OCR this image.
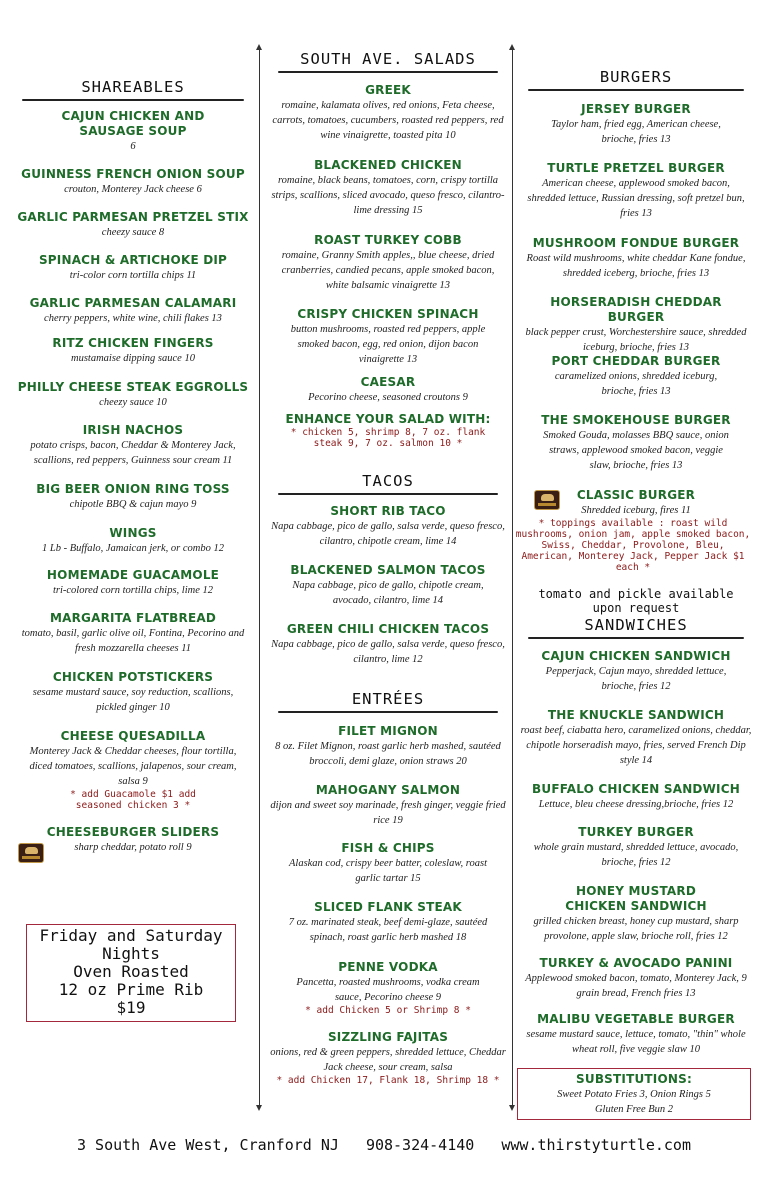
SHAREABLES
CAJUN CHICKEN AND SAUSAGE SOUP
6
GUINNESS FRENCH ONION SOUP
crouton, Monterey Jack cheese 6
GARLIC PARMESAN PRETZEL STIX
cheezy sauce 8
SPINACH & ARTICHOKE DIP
tri-color corn tortilla chips 11
GARLIC PARMESAN CALAMARI
cherry peppers, white wine, chili flakes 13
RITZ CHICKEN FINGERS
mustamaise dipping sauce 10
PHILLY CHEESE STEAK EGGROLLS
cheezy sauce 10
IRISH NACHOS
potato crisps, bacon, Cheddar & Monterey Jack, scallions, red peppers, Guinness sour cream 11
BIG BEER ONION RING TOSS
chipotle BBQ & cajun mayo 9
WINGS
1 Lb - Buffalo, Jamaican jerk, or combo 12
HOMEMADE GUACAMOLE
tri-colored corn tortilla chips, lime 12
MARGARITA FLATBREAD
tomato, basil, garlic olive oil, Fontina, Pecorino and fresh mozzarella cheeses 11
CHICKEN POTSTICKERS
sesame mustard sauce, soy reduction, scallions, pickled ginger 10
CHEESE QUESADILLA
Monterey Jack & Cheddar cheeses, flour tortilla, diced tomatoes, scallions, jalapenos, sour cream, salsa 9
* add Guacamole $1 add seasoned chicken 3 *
CHEESEBURGER SLIDERS
sharp cheddar, potato roll 9
Friday and Saturday
Nights
Oven Roasted
12 oz Prime Rib
$19
SOUTH AVE. SALADS
GREEK
romaine, kalamata olives, red onions, Feta cheese, carrots, tomatoes, cucumbers, roasted red peppers, red wine vinaigrette, toasted pita 10
BLACKENED CHICKEN
romaine, black beans, tomatoes, corn, crispy tortilla strips, scallions, sliced avocado, queso fresco, cilantro-lime dressing 15
ROAST TURKEY COBB
romaine, Granny Smith apples,, blue cheese, dried cranberries, candied pecans, apple smoked bacon, white balsamic vinaigrette 13
CRISPY CHICKEN SPINACH
button mushrooms, roasted red peppers, apple smoked bacon, egg, red onion, dijon bacon vinaigrette 13
CAESAR
Pecorino cheese, seasoned croutons 9
ENHANCE YOUR SALAD WITH:
* chicken 5, shrimp 8, 7 oz. flank steak 9, 7 oz. salmon 10 *
TACOS
SHORT RIB TACO
Napa cabbage, pico de gallo, salsa verde, queso fresco, cilantro, chipotle cream, lime 14
BLACKENED SALMON TACOS
Napa cabbage, pico de gallo, chipotle cream, avocado, cilantro, lime 14
GREEN CHILI CHICKEN TACOS
Napa cabbage, pico de gallo, salsa verde, queso fresco, cilantro, lime 12
ENTRÉES
FILET MIGNON
8 oz. Filet Mignon, roast garlic herb mashed, sautéed broccoli, demi glaze, onion straws 20
MAHOGANY SALMON
dijon and sweet soy marinade, fresh ginger, veggie fried rice 19
FISH & CHIPS
Alaskan cod, crispy beer batter, coleslaw, roast garlic tartar 15
SLICED FLANK STEAK
7 oz. marinated steak, beef demi-glaze, sautéed spinach, roast garlic herb mashed 18
PENNE VODKA
Pancetta, roasted mushrooms, vodka cream sauce, Pecorino cheese 9
* add Chicken 5 or Shrimp 8 *
SIZZLING FAJITAS
onions, red & green peppers, shredded lettuce, Cheddar Jack cheese, sour cream, salsa
* add Chicken 17, Flank 18, Shrimp 18 *
BURGERS
JERSEY BURGER
Taylor ham, fried egg, American cheese, brioche, fries 13
TURTLE PRETZEL BURGER
American cheese, applewood smoked bacon, shredded lettuce, Russian dressing, soft pretzel bun, fries 13
MUSHROOM FONDUE BURGER
Roast wild mushrooms, white cheddar Kane fondue, shredded iceberg, brioche, fries 13
HORSERADISH CHEDDAR BURGER
black pepper crust, Worchestershire sauce, shredded iceburg, brioche, fries 13
PORT CHEDDAR BURGER
caramelized onions, shredded iceburg, brioche, fries 13
THE SMOKEHOUSE BURGER
Smoked Gouda, molasses BBQ sauce, onion straws, applewood smoked bacon, veggie slaw, brioche, fries 13
CLASSIC BURGER
Shredded iceburg, fires 11
* toppings available : roast wild mushrooms, onion jam, apple smoked bacon, Swiss, Cheddar, Provolone, Bleu, American, Monterey Jack, Pepper Jack $1 each *
tomato and pickle available upon request
SANDWICHES
CAJUN CHICKEN SANDWICH
Pepperjack, Cajun mayo, shredded lettuce, brioche, fries 12
THE KNUCKLE SANDWICH
roast beef, ciabatta hero, caramelized onions, cheddar, chipotle horseradish mayo, fries, served French Dip style 14
BUFFALO CHICKEN SANDWICH
Lettuce, bleu cheese dressing,brioche, fries 12
TURKEY BURGER
whole grain mustard, shredded lettuce, avocado, brioche, fries 12
HONEY MUSTARD CHICKEN SANDWICH
grilled chicken breast, honey cup mustard, sharp provolone, apple slaw, brioche roll, fries 12
TURKEY & AVOCADO PANINI
Applewood smoked bacon, tomato, Monterey Jack, 9 grain bread, French fries 13
MALIBU VEGETABLE BURGER
sesame mustard sauce, lettuce, tomato, "thin" whole wheat roll, five veggie slaw 10
SUBSTITUTIONS:
Sweet Potato Fries 3, Onion Rings 5 Gluten Free Bun 2
3 South Ave West, Cranford NJ 908-324-4140 www.thirstyturtle.com
